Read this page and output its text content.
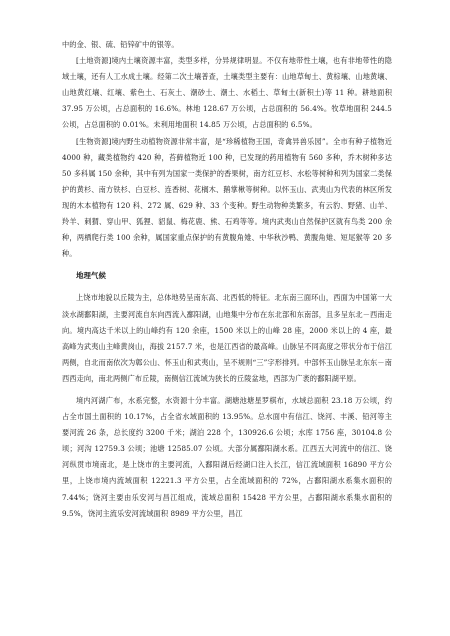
中的金、银、硫、铅锌矿中的银等。

[土地资源]境内土壤资源丰富，类型多样，分异规律明显。不仅有地带性土壤，也有非地带性的隐域土壤，还有人工水成土壤。经第二次土壤普查，土壤类型主要有：山地草甸土、黄棕壤、山地黄壤、山地黄红壤、红壤、紫色土、石灰土、潮砂土、潮土、水稻土、草甸土(新积土)等 11 种。耕地面积 37.95 万公顷，占总面积的 16.6%。林地 128.67 万公顷，占总面积的 56.4%。牧草地面积 244.5 公顷，占总面积的 0.01%。未利用地面积 14.85 万公顷，占总面积的 6.5%。

[生物资源]境内野生动植物资源非常丰富，是“珍稀植物王国，奇禽异兽乐园”。全市有种子植物近 4000 种，藏类植物约 420 种，苔藓植物近 100 种，已发现的药用植物有 560 多种，乔木树种多达 50 多科属 150 余种，其中有列为国家一类保护的香果树，南方红豆杉、水松等树种和列为国家二类保护的黄杉、南方铁杉、白豆杉、连香树、花榈木、鹅掌楸等树种。以怀玉山、武夷山为代表的林区所发现的木本植物有 120 科、272 属、629 种、33 个变种。野生动物种类繁多，有云豹、野猪、山羊、羚羊、刺猬、穿山甲、狐狸、貂鼠、梅花鹿、熊、石鸡等等。境内武夷山自然保护区就有鸟类 200 余种，两栖爬行类 100 余种，属国家重点保护的有黄腹角雉、中华秋沙鸭、黄腹角雉、短尾猴等 20 多种。

地理气候

上饶市地貌以丘陵为主，总体地势呈南东高、北西低的特征。北东南三面环山，西面为中国第一大淡水湖鄱阳湖，主要河流自东向西流入鄱阳湖，山地集中分布在东北部和东南部，且多呈东北－西南走向。境内高达千米以上的山峰约有 120 余座，1500 米以上的山峰 28 座，2000 米以上的 4 座，最高峰为武夷山主峰黄岗山，海拔 2157.7 米，也是江西省的最高峰。山脉呈不同高度之带状分布于信江两侧，自北而南依次为鄣公山、怀玉山和武夷山，呈不规则“三”字形排列。中部怀玉山脉呈北东东－南西西走向，南北两侧广布丘陵，南侧信江流域为狭长的丘陵盆地，西部为广袤的鄱阳湖平原。

境内河湖广布，水系完整，水资源十分丰富。湖塘池塘星罗棋布，水域总面积 23.18 万公顷，约占全市国土面积的 10.17%，占全省水域面积的 13.95%。总水面中有信江、饶河、丰溪、铅河等主要河流 26 条，总长度约 3200 千米；湖泊 228 个，130926.6 公顷；水库 1756 座，30104.8 公顷；河沟 12759.3 公顷；池塘 12585.07 公顷。大部分属鄱阳湖水系。江西五大河流中的信江、饶河纵贯市境南北，是上饶市的主要河流，入鄱阳湖后经湖口注入长江，信江流域面积 16890 平方公里，上饶市境内流域面积 12221.3 平方公里，占全流域面积的 72%，占鄱阳湖水系集水面积的 7.44%；饶河主要由乐安河与昌江组成，流域总面积 15428 平方公里，占鄱阳湖水系集水面积的 9.5%，饶河主流乐安河流域面积 8989 平方公里，昌江
